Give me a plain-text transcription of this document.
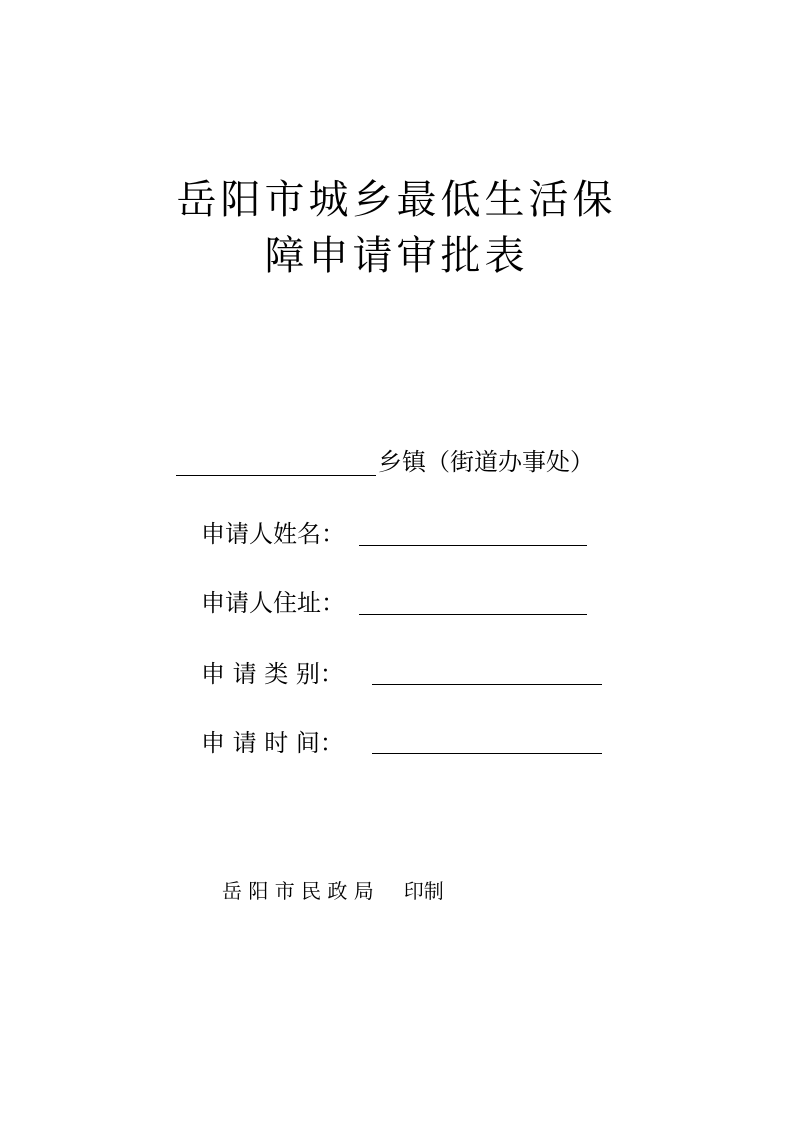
岳阳市城乡最低生活保
障申请审批表
乡镇（街道办事处）
申请人姓名：
申请人住址：
申 请 类 别：
申 请 时 间：
岳 阳 市 民 政 局 印制
